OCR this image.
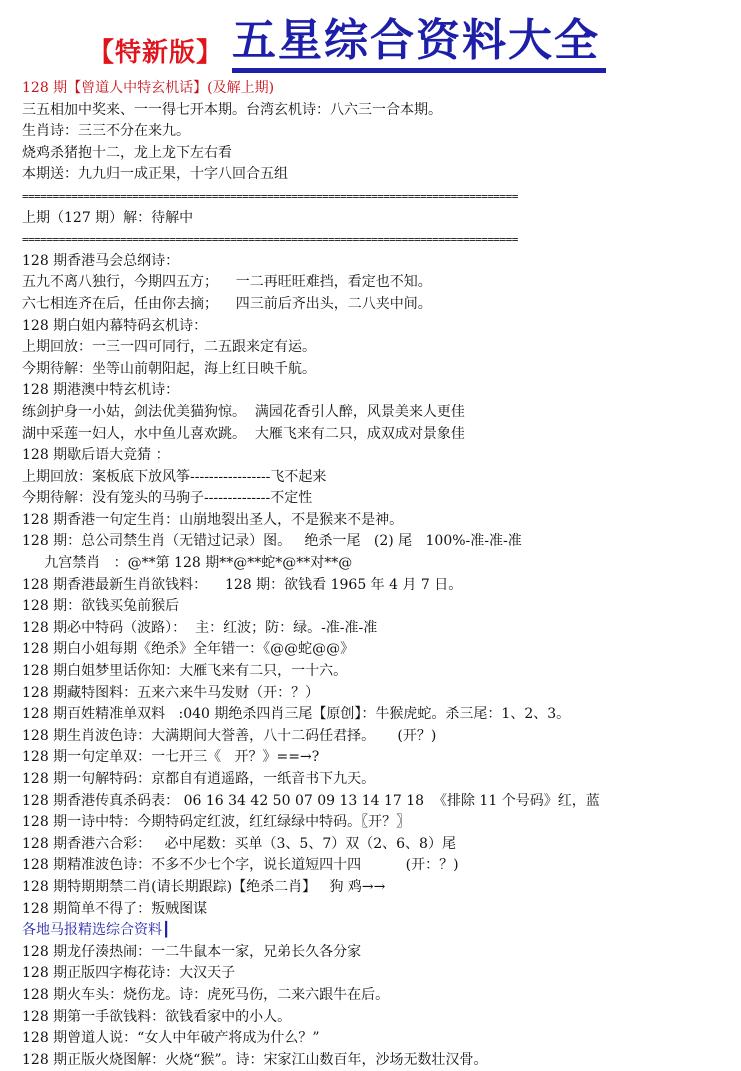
【特新版】 五星综合资料大全
128 期【曾道人中特玄机话】(及解上期)
三五相加中奖来、一一得七开本期。台湾玄机诗：八六三一合本期。
生肖诗：三三不分在来九。
烧鸡杀猪抱十二，龙上龙下左右看
本期送：九九归一成正果，十字八回合五组
=================================================================================
上期（127 期）解：待解中
=================================================================================
128 期香港马会总纲诗：
五九不离八独行，今期四五方；    一二再旺旺难挡，看定也不知。
六七相连齐在后，任由你去摘；    四三前后齐出头，二八夹中间。
128 期白姐内幕特码玄机诗：
上期回放：一三一四可同行，二五跟来定有运。
今期待解：坐等山前朝阳起，海上红日映千航。
128 期港澳中特玄机诗：
练剑护身一小姑，剑法优美猫狗惊。  满园花香引人醉，风景美来人更佳
湖中采莲一妇人，水中鱼儿喜欢跳。  大雁飞来有二只，成双成对景象佳
128 期歇后语大竞猜 ：
上期回放：案板底下放风筝-----------------飞不起来
今期待解：没有笼头的马驹子--------------不定性
128 期香港一句定生肖：山崩地裂出圣人，不是猴来不是神。
128 期：总公司禁生肖（无错过记录）图。   绝杀一尾   (2) 尾   100%-准-准-准
九宫禁肖   ：@**第 128 期**@**蛇*@**对**@
128 期香港最新生肖欲钱料：    128 期：欲钱看 1965 年 4 月 7 日。
128 期：欲钱买兔前猴后
128 期必中特码（波路）：  主：红波；防：绿。-准-准-准
128 期白小姐每期《绝杀》全年错一：《@@蛇@@》
128 期白姐梦里话你知：大雁飞来有二只，一十六。
128 期藏特图料：五来六来牛马发财（开：？）
128 期百姓精准单双料   :040 期绝杀四肖三尾【原创】：牛猴虎蛇。杀三尾：1、2、3。
128 期生肖波色诗：大满期间大誉善，八十二码任君择。     (开？)
128 期一句定单双：一七开三《   开？》==→?
128 期一句解特码：京都自有逍遥路，一纸音书下九天。
128 期香港传真杀码表： 06 16 34 42 50 07 09 13 14 17 18  《排除 11 个号码》红，蓝
128 期一诗中特：今期特码定红波，红红绿绿中特码。〖开？〗
128 期香港六合彩：   必中尾数：买单（3、5、7）双（2、6、8）尾
128 期精准波色诗：不多不少七个字，说长道短四十四          (开：？)
128 期特期期禁二肖(请长期跟踪)【绝杀二肖】   狗 鸡→→
128 期简单不得了：叛贼图谋
各地马报精选综合资料┃
128 期龙仔湊热闹：一二牛鼠本一家，兄弟长久各分家
128 期正版四字梅花诗：大汉天子
128 期火车头：烧伤龙。诗：虎死马伤，二来六跟牛在后。
128 期第一手欲钱料：欲钱看家中的小人。
128 期曾道人说：“女人中年破产将成为什么？”
128 期正版火烧图解：火烧“猴”。诗：宋家江山数百年，沙场无数壮汉骨。
